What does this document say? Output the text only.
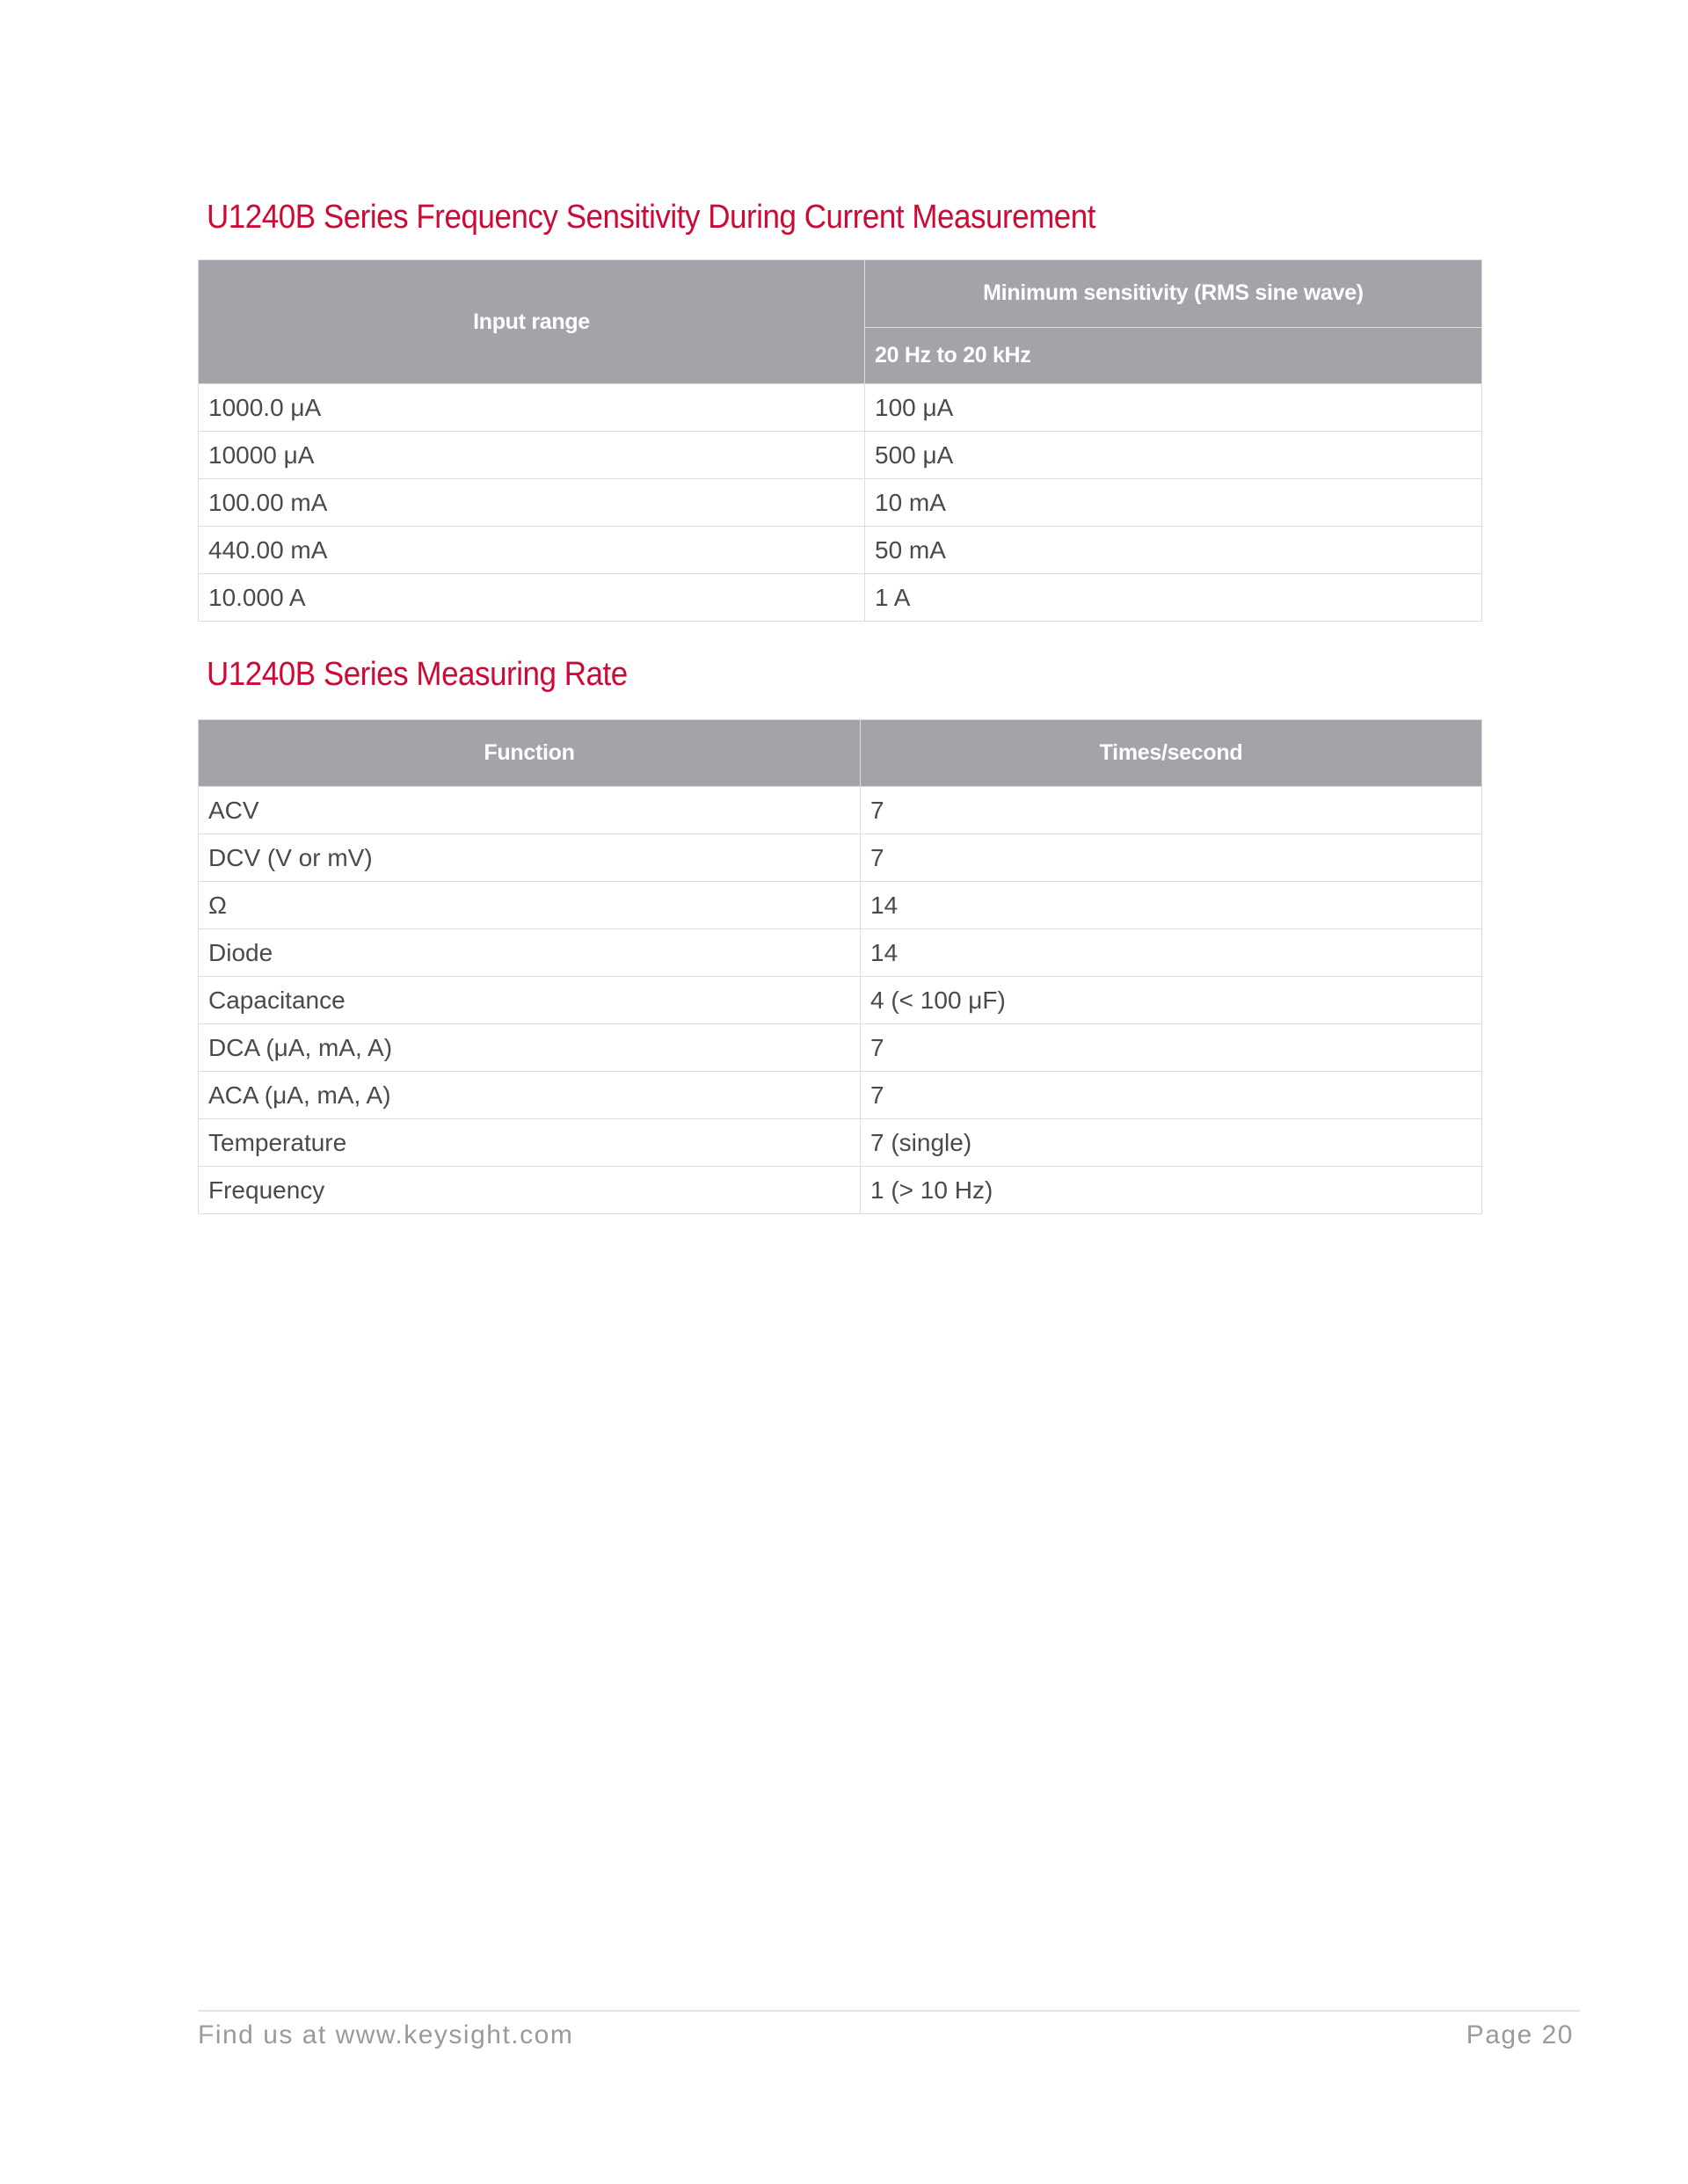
U1240B Series Frequency Sensitivity During Current Measurement
Input range	Minimum sensitivity (RMS sine wave)
	20 Hz to 20 kHz
1000.0 μA	100 μA
10000 μA	500 μA
100.00 mA	10 mA
440.00 mA	50 mA
10.000 A	1 A
U1240B Series Measuring Rate
Function	Times/second
ACV	7
DCV (V or mV)	7
Ω	14
Diode	14
Capacitance	4 (< 100 μF)
DCA (μA, mA, A)	7
ACA (μA, mA, A)	7
Temperature	7 (single)
Frequency	1 (> 10 Hz)
Find us at www.keysight.com	Page 20
